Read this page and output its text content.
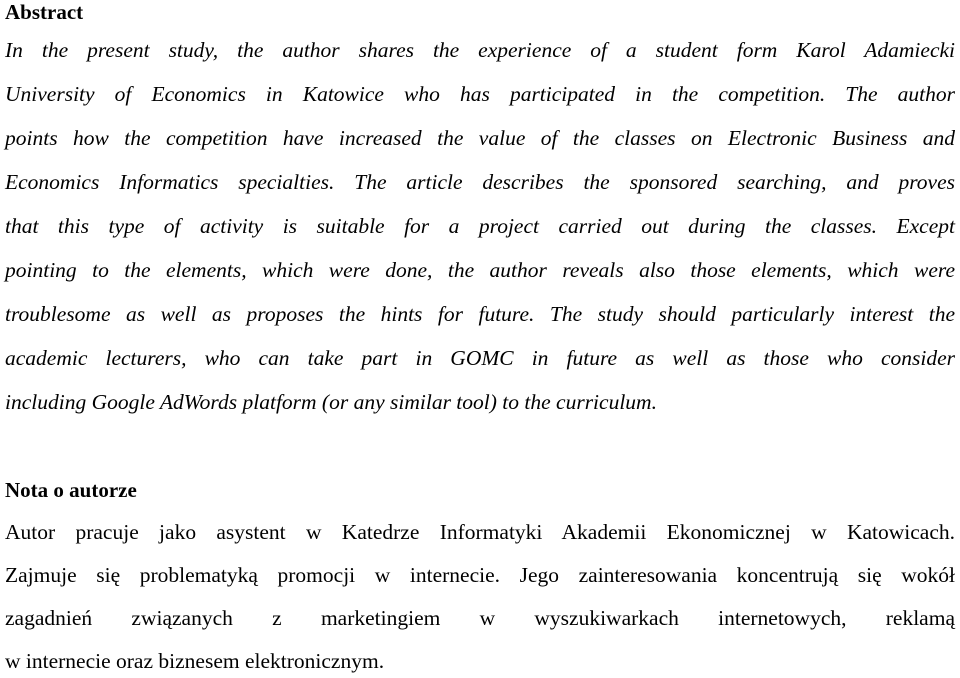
Abstract
In the present study, the author shares the experience of a student form Karol Adamiecki
University of Economics in Katowice who has participated in the competition. The author
points how the competition have increased the value of the classes on Electronic Business and
Economics Informatics specialties. The article describes the sponsored searching, and proves
that this type of activity is suitable for a project carried out during the classes. Except
pointing to the elements, which were done, the author reveals also those elements, which were
troublesome as well as proposes the hints for future. The study should particularly interest the
academic lecturers, who can take part in GOMC in future as well as those who consider
including Google AdWords platform (or any similar tool) to the curriculum.
Nota o autorze
Autor pracuje jako asystent w Katedrze Informatyki Akademii Ekonomicznej w Katowicach.
Zajmuje się problematyką promocji w internecie. Jego zainteresowania koncentrują się wokół
zagadnień związanych z marketingiem w wyszukiwarkach internetowych, reklamą
w internecie oraz biznesem elektronicznym.
